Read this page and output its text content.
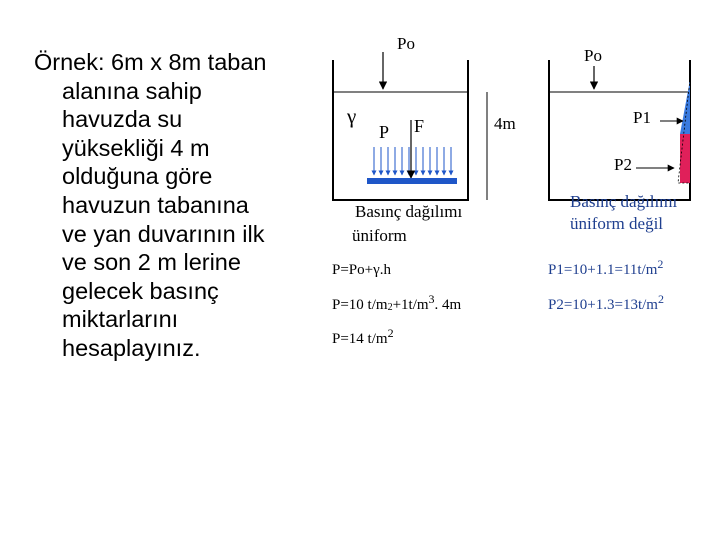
Örnek: 6m x 8m taban
alanına sahip
havuzda su
yüksekliği 4 m
olduğuna göre
havuzun tabanına
ve yan duvarının ilk
ve son 2 m lerine
gelecek basınç
miktarlarını
hesaplayınız.
Po
γ
P F	4m
Basınç dağılımı
üniform
Po
P1
P2
Basınç dağılımı
üniform değil
P=Po+γ.h
P=10 $t/m2+1t/m^3$. 4m
P=14 $t/m^2$
$P1=10+1.1=11t/m^2$
$P2=10+1.3=13t/m^2$
